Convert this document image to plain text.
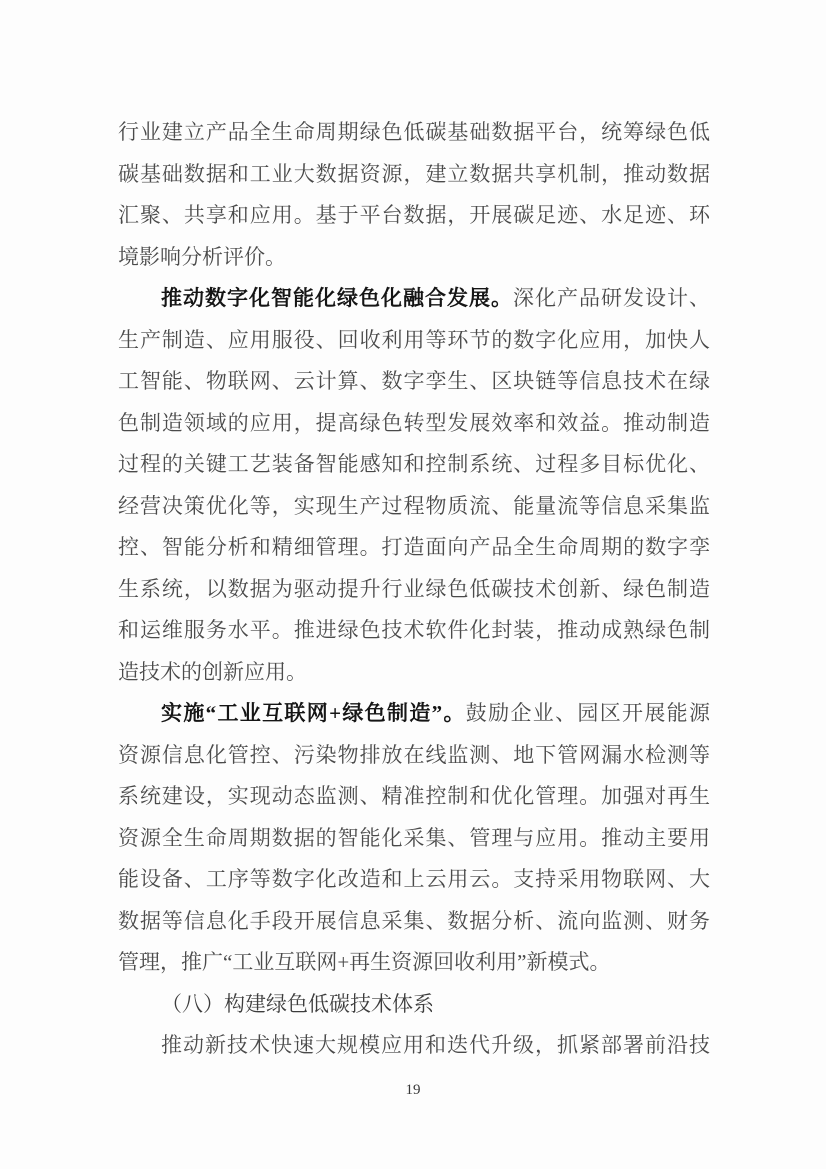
行业建立产品全生命周期绿色低碳基础数据平台，统筹绿色低
碳基础数据和工业大数据资源，建立数据共享机制，推动数据
汇聚、共享和应用。基于平台数据，开展碳足迹、水足迹、环
境影响分析评价。
推动数字化智能化绿色化融合发展。深化产品研发设计、
生产制造、应用服役、回收利用等环节的数字化应用，加快人
工智能、物联网、云计算、数字孪生、区块链等信息技术在绿
色制造领域的应用，提高绿色转型发展效率和效益。推动制造
过程的关键工艺装备智能感知和控制系统、过程多目标优化、
经营决策优化等，实现生产过程物质流、能量流等信息采集监
控、智能分析和精细管理。打造面向产品全生命周期的数字孪
生系统，以数据为驱动提升行业绿色低碳技术创新、绿色制造
和运维服务水平。推进绿色技术软件化封装，推动成熟绿色制
造技术的创新应用。
实施“工业互联网+绿色制造”。鼓励企业、园区开展能源
资源信息化管控、污染物排放在线监测、地下管网漏水检测等
系统建设，实现动态监测、精准控制和优化管理。加强对再生
资源全生命周期数据的智能化采集、管理与应用。推动主要用
能设备、工序等数字化改造和上云用云。支持采用物联网、大
数据等信息化手段开展信息采集、数据分析、流向监测、财务
管理，推广“工业互联网+再生资源回收利用”新模式。
（八）构建绿色低碳技术体系
推动新技术快速大规模应用和迭代升级，抓紧部署前沿技
19
